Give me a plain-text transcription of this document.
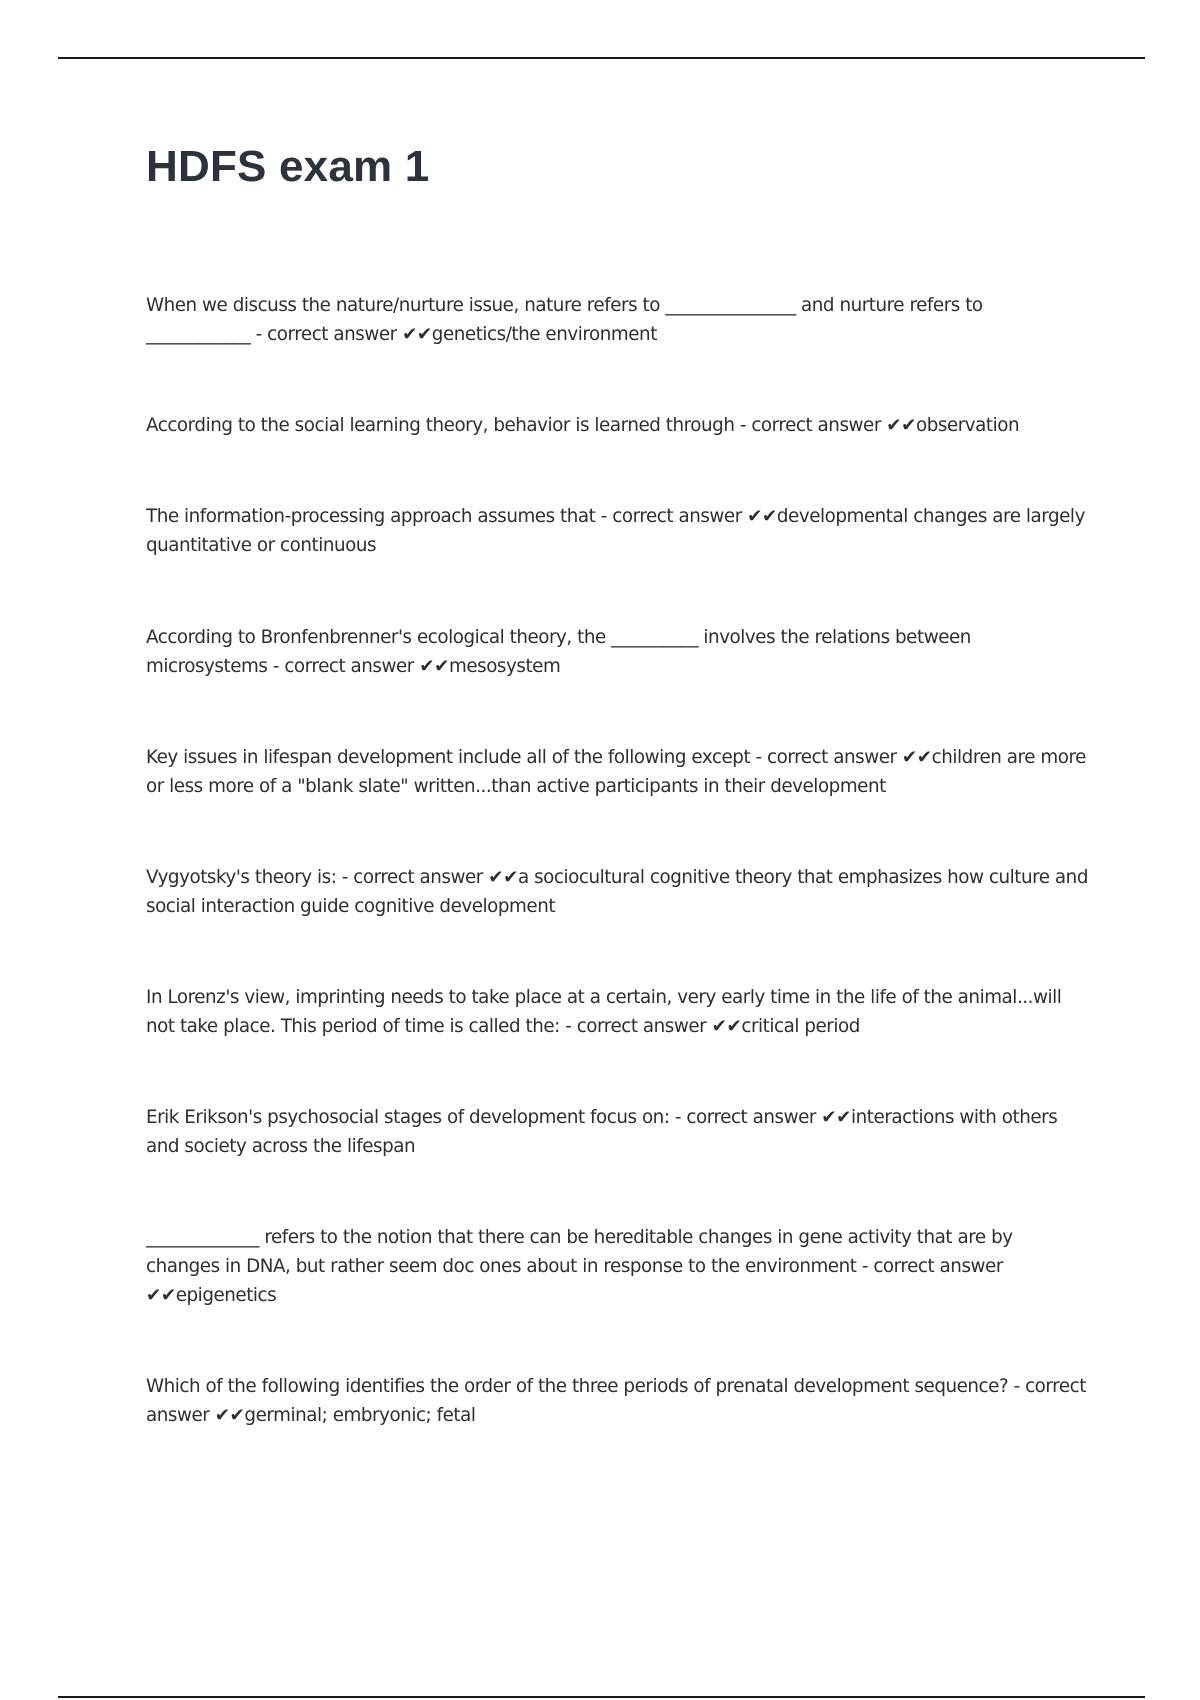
HDFS exam 1

When we discuss the nature/nurture issue, nature refers to _______________ and nurture refers to ____________ - correct answer ✔✔genetics/the environment

According to the social learning theory, behavior is learned through - correct answer ✔✔observation

The information-processing approach assumes that - correct answer ✔✔developmental changes are largely quantitative or continuous

According to Bronfenbrenner's ecological theory, the __________ involves the relations between microsystems - correct answer ✔✔mesosystem

Key issues in lifespan development include all of the following except - correct answer ✔✔children are more or less more of a "blank slate" written...than active participants in their development

Vygyotsky's theory is: - correct answer ✔✔a sociocultural cognitive theory that emphasizes how culture and social interaction guide cognitive development

In Lorenz's view, imprinting needs to take place at a certain, very early time in the life of the animal...will not take place. This period of time is called the: - correct answer ✔✔critical period

Erik Erikson's psychosocial stages of development focus on: - correct answer ✔✔interactions with others and society across the lifespan

_____________ refers to the notion that there can be hereditable changes in gene activity that are by changes in DNA, but rather seem doc ones about in response to the environment - correct answer ✔✔epigenetics

Which of the following identifies the order of the three periods of prenatal development sequence? - correct answer ✔✔germinal; embryonic; fetal
